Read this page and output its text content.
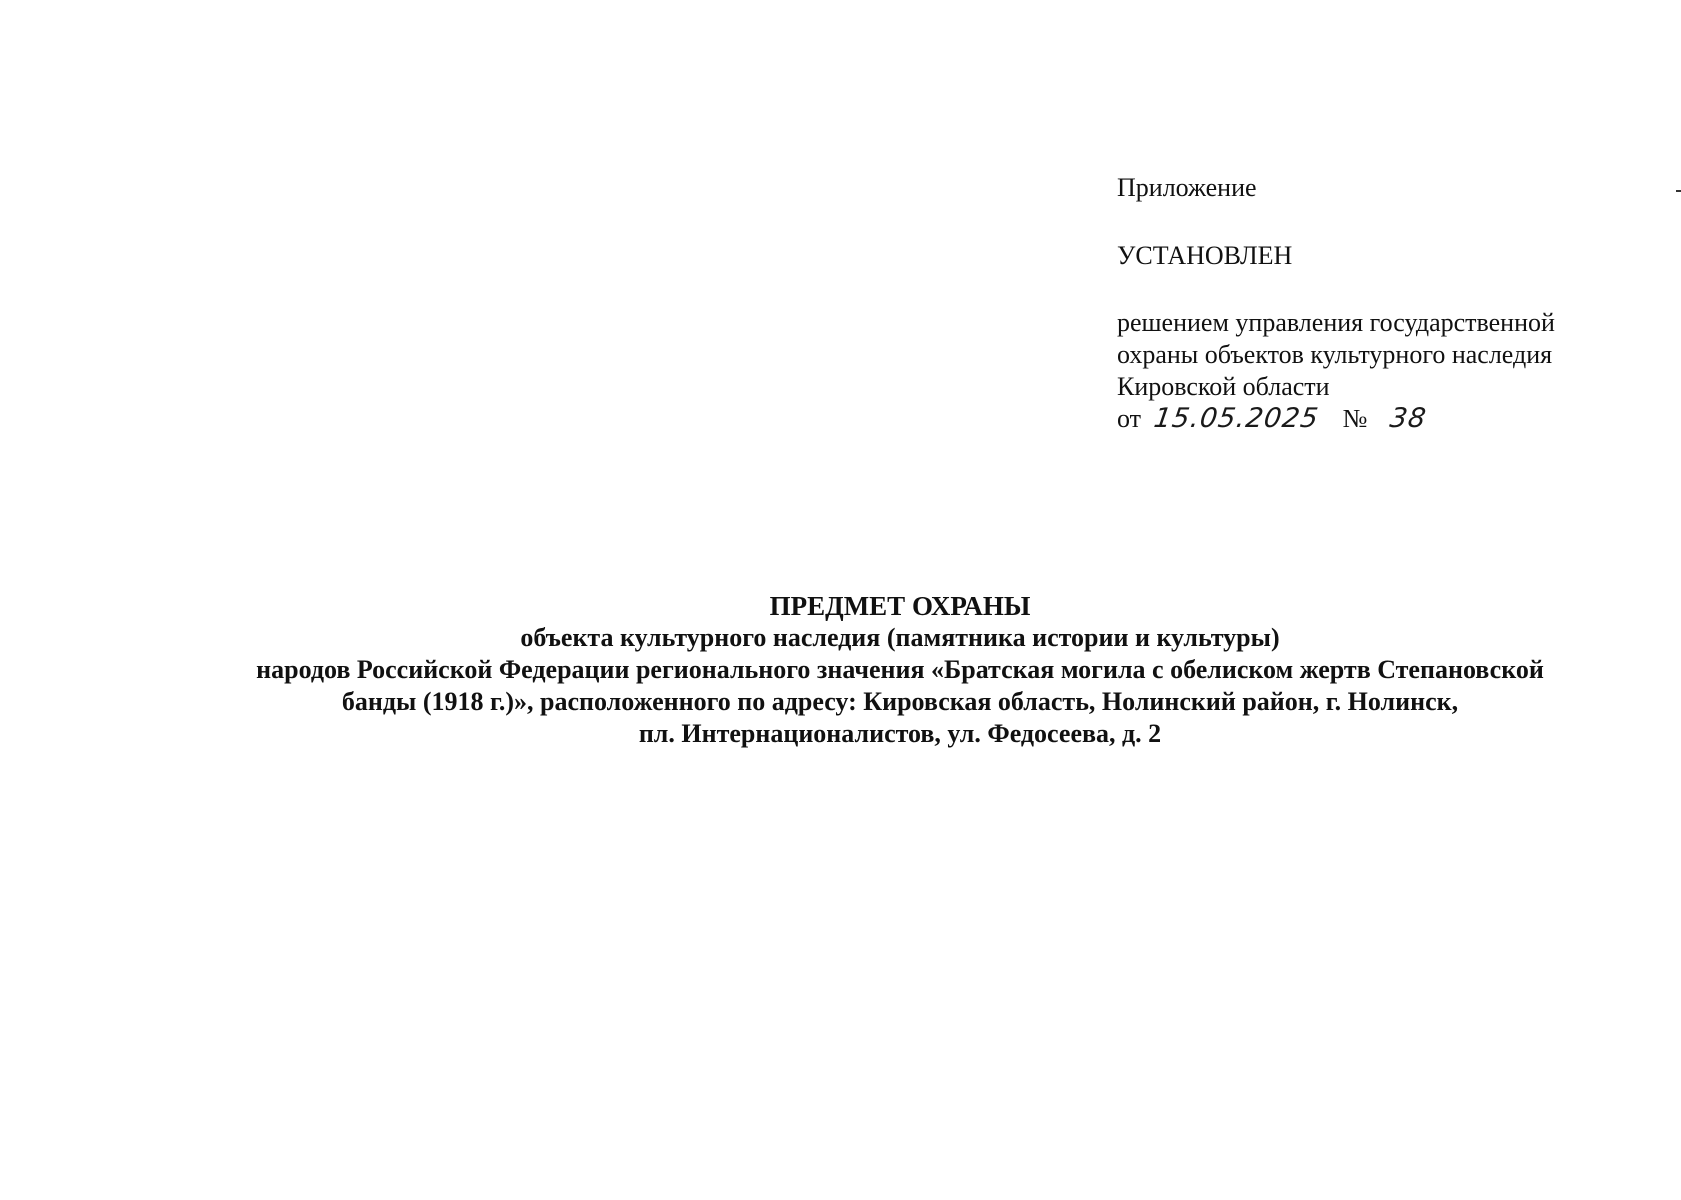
Приложение
УСТАНОВЛЕН
решением управления государственной
охраны объектов культурного наследия
Кировской области
от 15.05.2025 № 38
ПРЕДМЕТ ОХРАНЫ
объекта культурного наследия (памятника истории и культуры)
народов Российской Федерации регионального значения «Братская могила с обелиском жертв Степановской
банды (1918 г.)», расположенного по адресу: Кировская область, Нолинский район, г. Нолинск,
пл. Интернационалистов, ул. Федосеева, д. 2
